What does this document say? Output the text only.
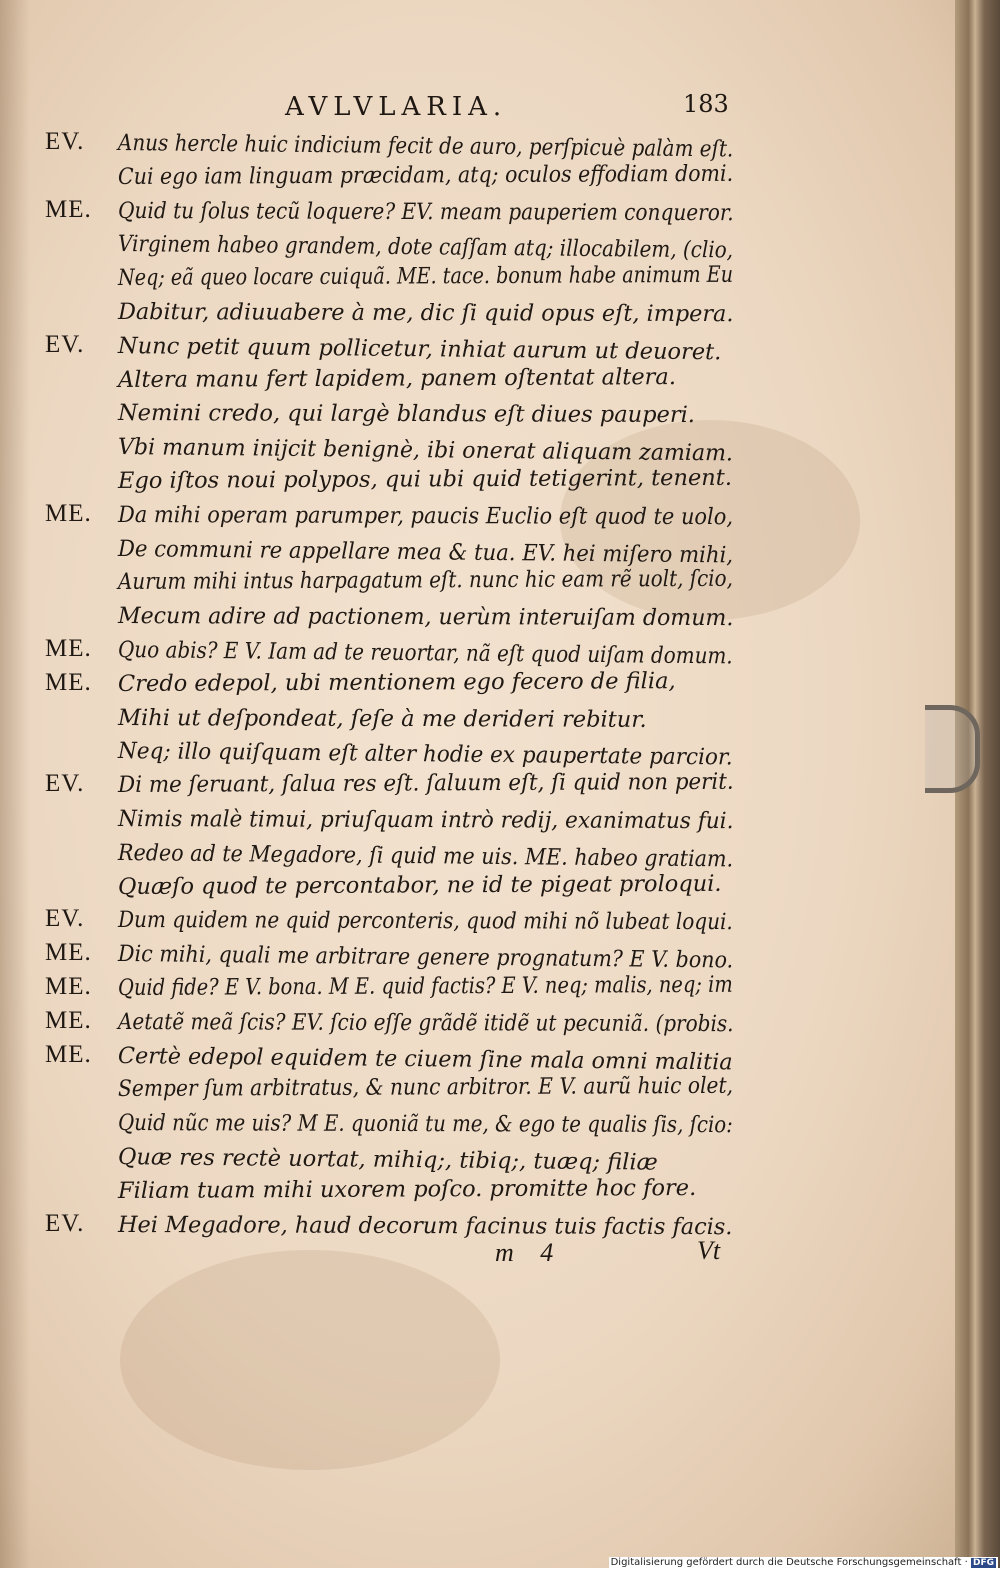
AVLVLARIA.	183
EV. Anus hercle huic indicium fecit de auro, perſpicuè palàm eſt.
Cui ego iam linguam præcidam, atq; oculos effodiam domi.
ME. Quid tu ſolus tecũ loquere? EV. meam pauperiem conqueror.
Virginem habeo grandem, dote caſſam atq; illocabilem, (clio,
Neq; eã queo locare cuiquã. ME. tace. bonum habe animum Eu
Dabitur, adiuuabere à me, dic ſi quid opus eſt, impera.
EV. Nunc petit quum pollicetur, inhiat aurum ut deuoret.
Altera manu fert lapidem, panem oſtentat altera.
Nemini credo, qui largè blandus eſt diues pauperi.
Vbi manum inijcit benignè, ibi onerat aliquam zamiam.
Ego iſtos noui polypos, qui ubi quid tetigerint, tenent.
ME. Da mihi operam parumper, paucis Euclio eſt quod te uolo,
De communi re appellare mea & tua. EV. hei miſero mihi,
Aurum mihi intus harpagatum eſt. nunc hic eam rẽ uolt, ſcio,
Mecum adire ad pactionem, uerùm interuiſam domum.
ME. Quo abis? E V. Iam ad te reuortar, nã eſt quod uiſam domum.
ME. Credo edepol, ubi mentionem ego fecero de filia,
Mihi ut deſpondeat, ſeſe à me derideri rebitur.
Neq; illo quiſquam eſt alter hodie ex paupertate parcior.
EV. Di me ſeruant, ſalua res eſt. ſaluum eſt, ſi quid non perit.
Nimis malè timui, priuſquam intrò redij, exanimatus fui.
Redeo ad te Megadore, ſi quid me uis. ME. habeo gratiam.
Quæſo quod te percontabor, ne id te pigeat proloqui.
EV. Dum quidem ne quid perconteris, quod mihi nõ lubeat loqui.
ME. Dic mihi, quali me arbitrare genere prognatum? E V. bono.
ME. Quid fide? E V. bona. M E. quid factis? E V. neq; malis, neq; im
ME. Aetatẽ meã ſcis? EV. ſcio eſſe grãdẽ itidẽ ut pecuniã. (probis.
ME. Certè edepol equidem te ciuem ſine mala omni malitia
Semper ſum arbitratus, & nunc arbitror. E V. aurũ huic olet,
Quid nũc me uis? M E. quoniã tu me, & ego te qualis ſis, ſcio:
Quæ res rectè uortat, mihiq;, tibiq;, tuæq; filiæ
Filiam tuam mihi uxorem poſco. promitte hoc fore.
EV. Hei Megadore, haud decorum facinus tuis factis facis.
m 4	Vt
Digitalisierung gefördert durch die Deutsche Forschungsgemeinschaft · DFG
